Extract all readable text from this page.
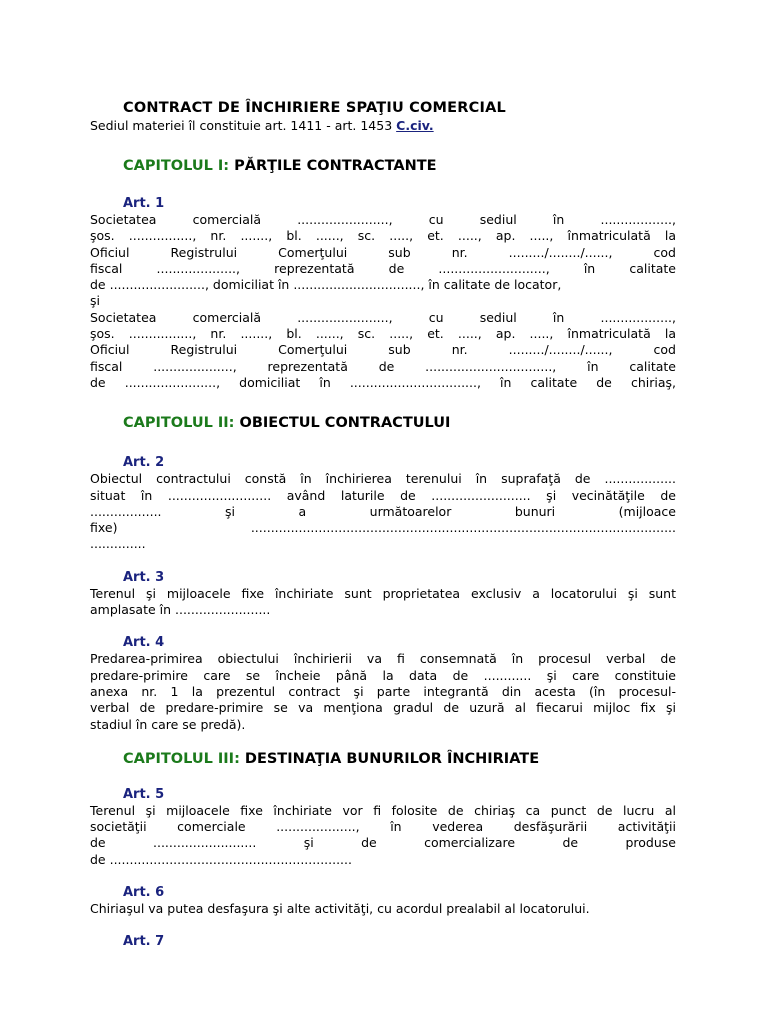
CONTRACT DE ÎNCHIRIERE SPAŢIU COMERCIAL

Sediul materiei îl constituie art. 1411 - art. 1453 C.civ.

CAPITOLUL I: PĂRŢILE CONTRACTANTE
Art. 1

Societatea comercială ......................., cu sediul în ..................,

şos. ................, nr. ......., bl. ......, sc. ....., et. ....., ap. ....., înmatriculată la

Oficiul Registrului Comerţului sub nr. ........./......../......, cod

fiscal ...................., reprezentată de ..........................., în calitate

de ........................, domiciliat în ................................, în calitate de locator,

şi

Societatea comercială ......................., cu sediul în ..................,

şos. ................, nr. ......., bl. ......, sc. ....., et. ....., ap. ....., înmatriculată la

Oficiul Registrului Comerţului sub nr. ........./......../......, cod

fiscal ...................., reprezentată de ................................, în calitate

de ......................., domiciliat în ................................, în calitate de chiriaş,

CAPITOLUL II: OBIECTUL CONTRACTULUI
Art. 2

Obiectul contractului constă în închirierea terenului în suprafaţă de ..................

situat în .......................... având laturile de ......................... şi vecinătăţile de

.................. şi a următoarelor bunuri (mijloace

fixe) ...........................................................................................................

..............

Art. 3

Terenul şi mijloacele fixe închiriate sunt proprietatea exclusiv a locatorului şi sunt

amplasate în ........................

Art. 4

Predarea-primirea obiectului închirierii va fi consemnată în procesul verbal de

predare-primire care se încheie până la data de ............ şi care constituie

anexa nr. 1 la prezentul contract şi parte integrantă din acesta (în procesul-

verbal de predare-primire se va menţiona gradul de uzură al fiecarui mijloc fix şi

stadiul în care se predă).

CAPITOLUL III: DESTINAŢIA BUNURILOR ÎNCHIRIATE
Art. 5

Terenul şi mijloacele fixe închiriate vor fi folosite de chiriaş ca punct de lucru al

societăţii comerciale ...................., în vederea desfăşurării activităţii

de .......................... şi de comercializare de produse

de .............................................................

Art. 6

Chiriaşul va putea desfaşura şi alte activităţi, cu acordul prealabil al locatorului.

Art. 7
